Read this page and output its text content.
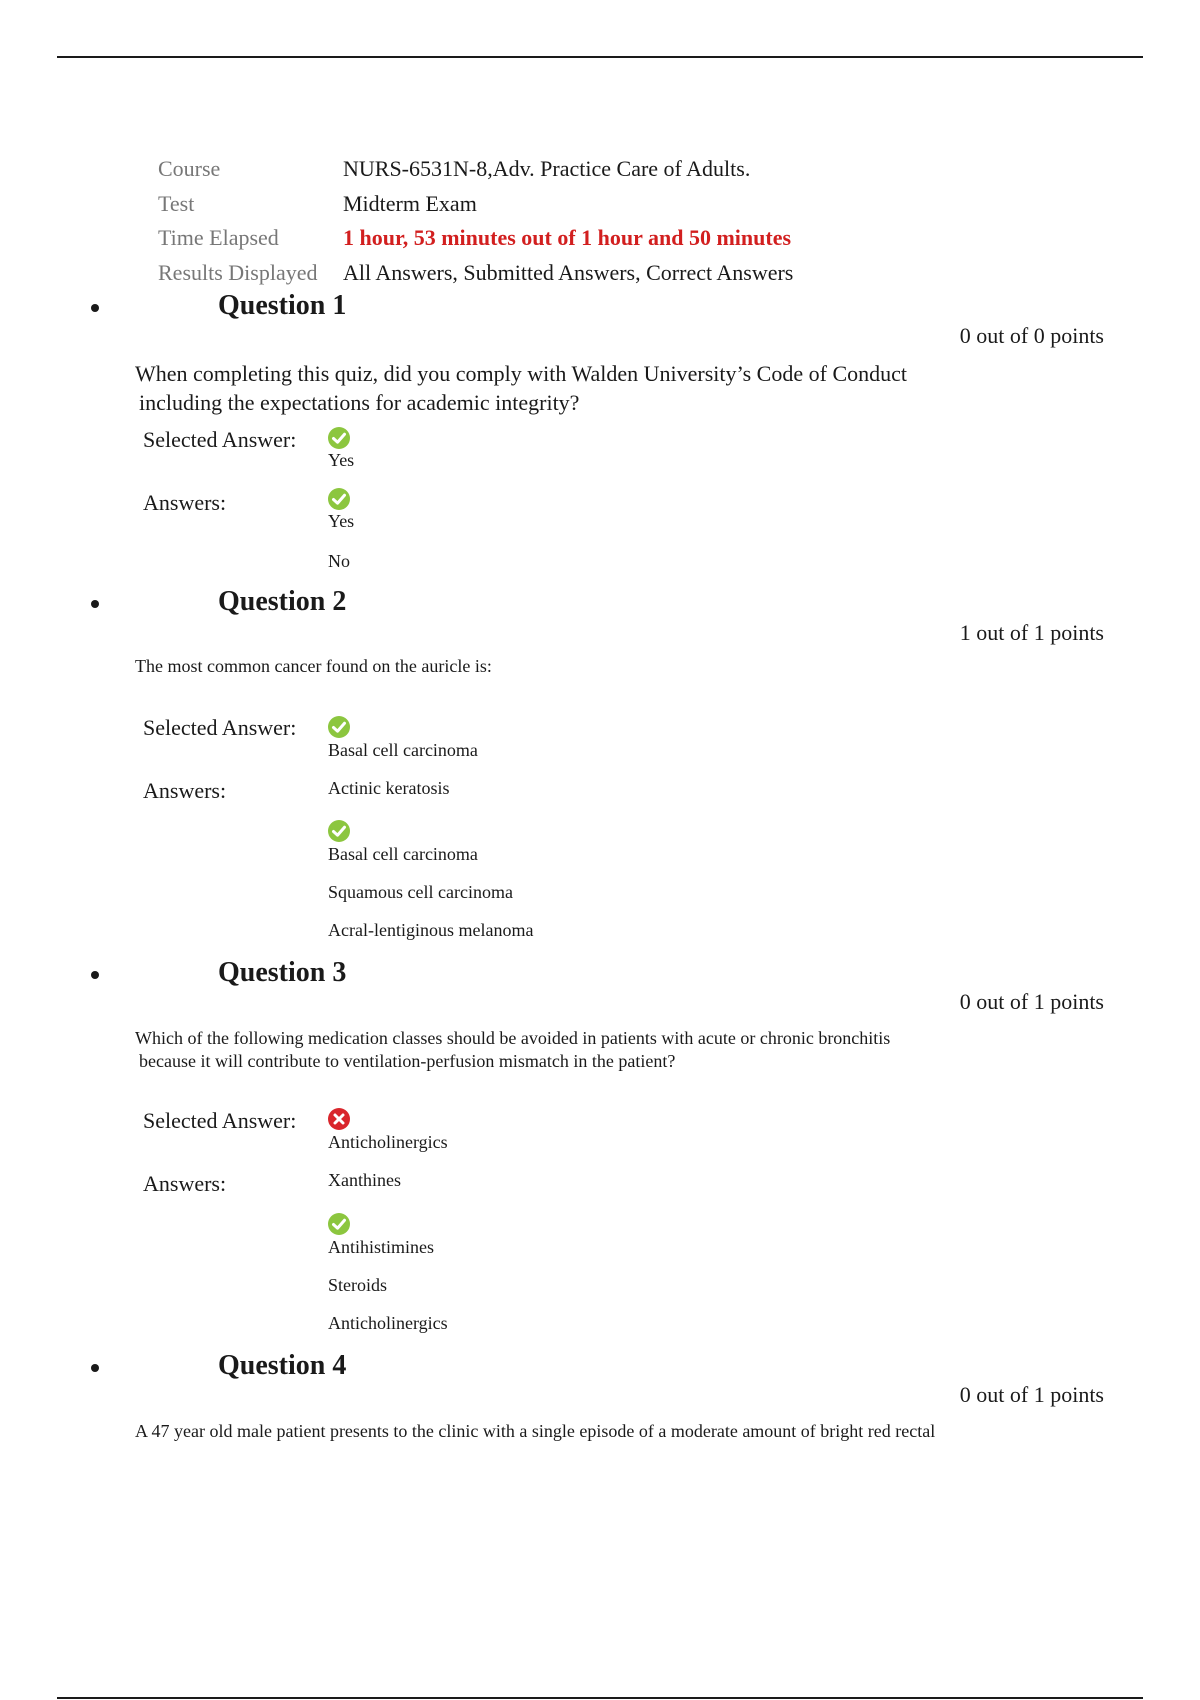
Course	NURS-6531N-8,Adv. Practice Care of Adults.
Test	Midterm Exam
Time Elapsed	1 hour, 53 minutes out of 1 hour and 50 minutes
Results Displayed	All Answers, Submitted Answers, Correct Answers
Question 1
0 out of 0 points
When completing this quiz, did you comply with Walden University’s Code of Conduct
including the expectations for academic integrity?
Selected Answer:
Yes
Answers:
Yes
No
Question 2
1 out of 1 points
The most common cancer found on the auricle is:
Selected Answer:
Basal cell carcinoma
Answers:	Actinic keratosis
Basal cell carcinoma
Squamous cell carcinoma
Acral-lentiginous melanoma
Question 3
0 out of 1 points
Which of the following medication classes should be avoided in patients with acute or chronic bronchitis
because it will contribute to ventilation-perfusion mismatch in the patient?
Selected Answer:
Anticholinergics
Answers:	Xanthines
Antihistimines
Steroids
Anticholinergics
Question 4
0 out of 1 points
A 47 year old male patient presents to the clinic with a single episode of a moderate amount of bright red rectal
